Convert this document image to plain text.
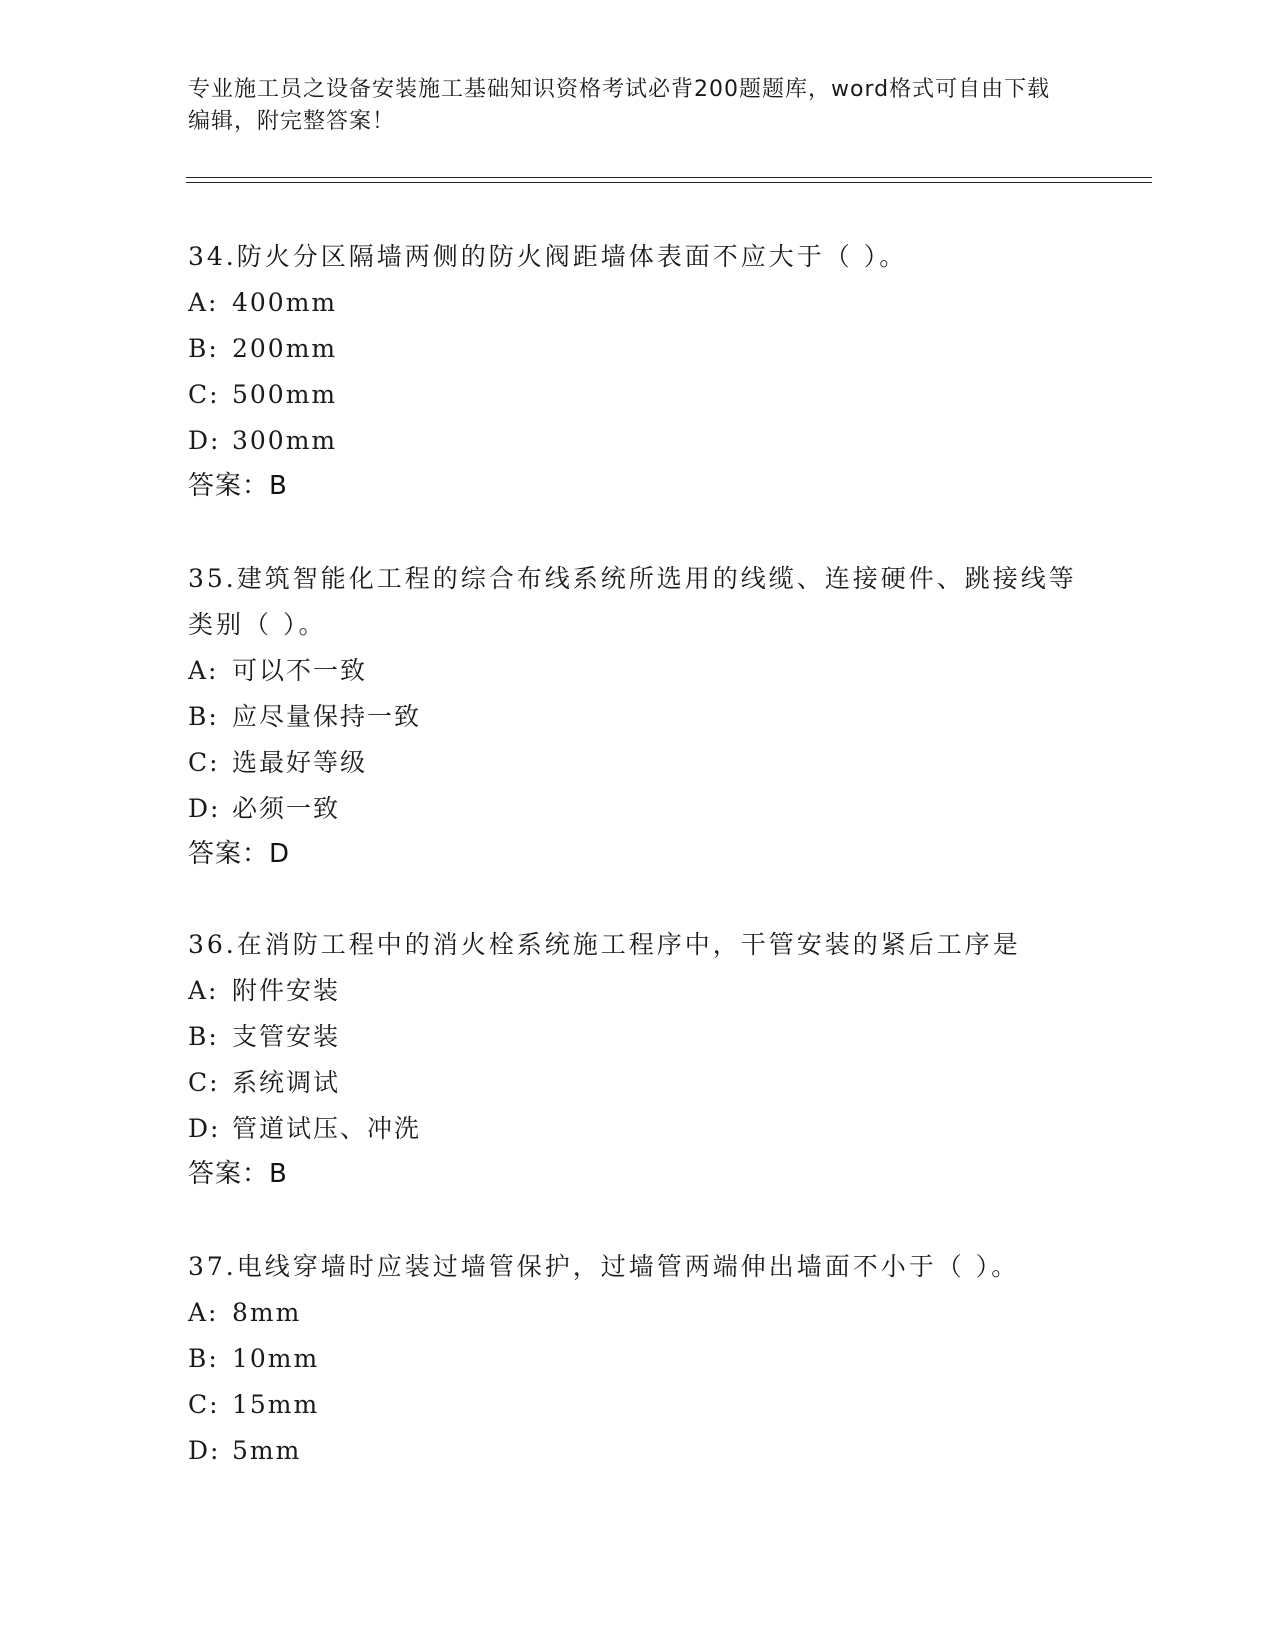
专业施工员之设备安装施工基础知识资格考试必背200题题库，word格式可自由下载编辑，附完整答案！

34.防火分区隔墙两侧的防火阀距墙体表面不应大于（ ）。

A: 400mm

B: 200mm

C: 500mm

D: 300mm

答案：B

35.建筑智能化工程的综合布线系统所选用的线缆、连接硬件、跳接线等类别（ ）。

A: 可以不一致

B: 应尽量保持一致

C: 选最好等级

D: 必须一致

答案：D

36.在消防工程中的消火栓系统施工程序中，干管安装的紧后工序是

A: 附件安装

B: 支管安装

C: 系统调试

D: 管道试压、冲洗

答案：B

37.电线穿墙时应装过墙管保护，过墙管两端伸出墙面不小于（ ）。

A: 8mm

B: 10mm

C: 15mm

D: 5mm
